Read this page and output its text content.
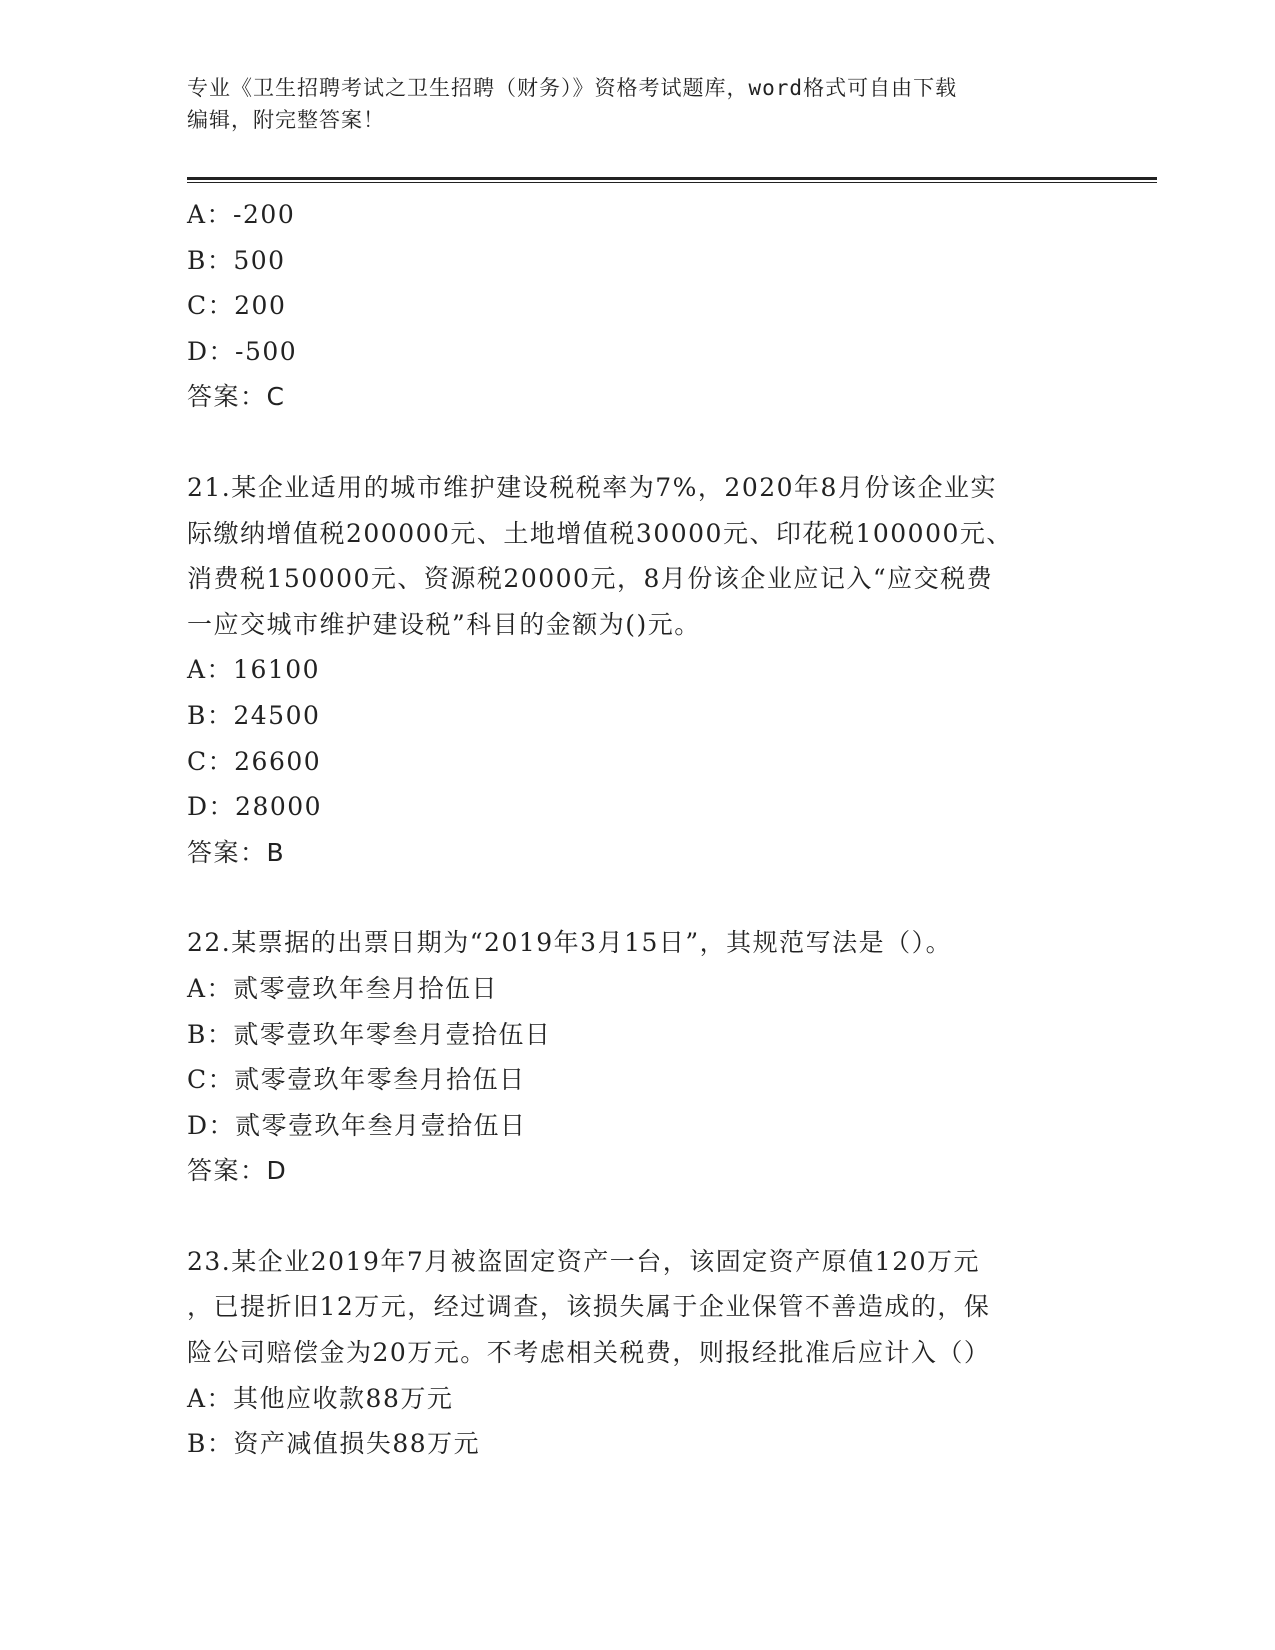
专业《卫生招聘考试之卫生招聘（财务）》资格考试题库，word格式可自由下载
编辑，附完整答案！
A：-200
B：500
C：200
D：-500
答案：C
21.某企业适用的城市维护建设税税率为7%，2020年8月份该企业实
际缴纳增值税200000元、土地增值税30000元、印花税100000元、
消费税150000元、资源税20000元，8月份该企业应记入“应交税费
一应交城市维护建设税”科目的金额为()元。
A：16100
B：24500
C：26600
D：28000
答案：B
22.某票据的出票日期为“2019年3月15日”，其规范写法是（）。
A：贰零壹玖年叁月拾伍日
B：贰零壹玖年零叁月壹拾伍日
C：贰零壹玖年零叁月拾伍日
D：贰零壹玖年叁月壹拾伍日
答案：D
23.某企业2019年7月被盗固定资产一台，该固定资产原值120万元
，已提折旧12万元，经过调查，该损失属于企业保管不善造成的，保
险公司赔偿金为20万元。不考虑相关税费，则报经批准后应计入（）
A：其他应收款88万元
B：资产减值损失88万元
